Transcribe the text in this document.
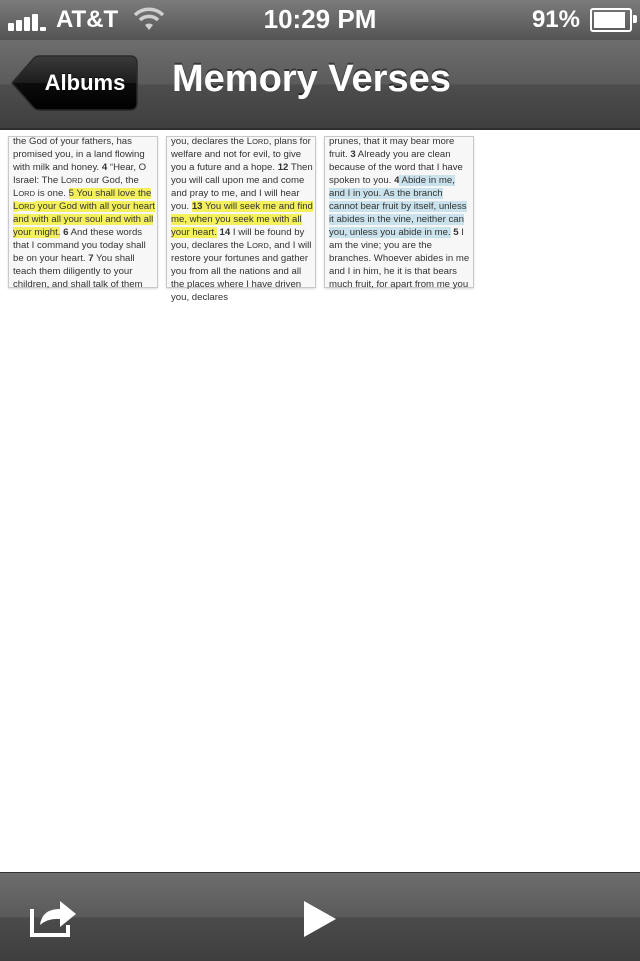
AT&T	10:29 PM	91%
Albums	Memory Verses
the God of your fathers, has promised you, in a land flowing with milk and honey. 4 “Hear, O Israel: The LORD our God, the LORD is one. 5 You shall love the LORD your God with all your heart and with all your soul and with all your might. 6 And these words that I command you today shall be on your heart. 7 You shall teach them diligently to your children, and shall talk of them
you, declares the LORD, plans for welfare and not for evil, to give you a future and a hope. 12 Then you will call upon me and come and pray to me, and I will hear you. 13 You will seek me and find me, when you seek me with all your heart. 14 I will be found by you, declares the LORD, and I will restore your fortunes and gather you from all the nations and all the places where I have driven you, declares
prunes, that it may bear more fruit. 3 Already you are clean because of the word that I have spoken to you. 4 Abide in me, and I in you. As the branch cannot bear fruit by itself, unless it abides in the vine, neither can you, unless you abide in me. 5 I am the vine; you are the branches. Whoever abides in me and I in him, he it is that bears much fruit, for apart from me you
